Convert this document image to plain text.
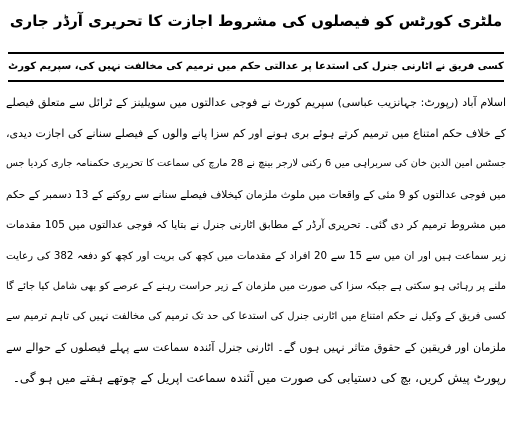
ملٹری کورٹس کو فیصلوں کی مشروط اجازت کا تحریری آرڈر جاری
کسی فریق نے اٹارنی جنرل کی استدعا پر عدالتی حکم میں ترمیم کی مخالفت نہیں کی، سپریم کورٹ
اسلام آباد (رپورٹ: جہانزیب عباسی) سپریم کورٹ نے فوجی عدالتوں میں سویلینز کے ٹرائل سے متعلق فیصلے
کے خلاف حکم امتناع میں ترمیم کرتے ہوئے بری ہونے اور کم سزا پانے والوں کے فیصلے سنانے کی اجازت دیدی،
جسٹس امین الدین خان کی سربراہی میں 6 رکنی لارجر بینچ نے 28 مارچ کی سماعت کا تحریری حکمنامہ جاری کردیا جس
میں فوجی عدالتوں کو 9 مئی کے واقعات میں ملوث ملزمان کیخلاف فیصلے سنانے سے روکنے کے 13 دسمبر کے حکم
میں مشروط ترمیم کر دی گئی۔ تحریری آرڈر کے مطابق اٹارنی جنرل نے بتایا کہ فوجی عدالتوں میں 105 مقدمات
زیر سماعت ہیں اور ان میں سے 15 سے 20 افراد کے مقدمات میں کچھ کی بریت اور کچھ کو دفعہ 382 کی رعایت
ملنے پر رہائی ہو سکتی ہے جبکہ سزا کی صورت میں ملزمان کے زیر حراست رہنے کے عرصے کو بھی شامل کیا جائے گا
کسی فریق کے وکیل نے حکم امتناع میں اٹارنی جنرل کی استدعا کی حد تک ترمیم کی مخالفت نہیں کی تاہم ترمیم سے
ملزمان اور فریقین کے حقوق متاثر نہیں ہوں گے۔ اٹارنی جنرل آئندہ سماعت سے پہلے فیصلوں کے حوالے سے
رپورٹ پیش کریں، بچ کی دستیابی کی صورت میں آئندہ سماعت اپریل کے چوتھے ہفتے میں ہو گی۔
